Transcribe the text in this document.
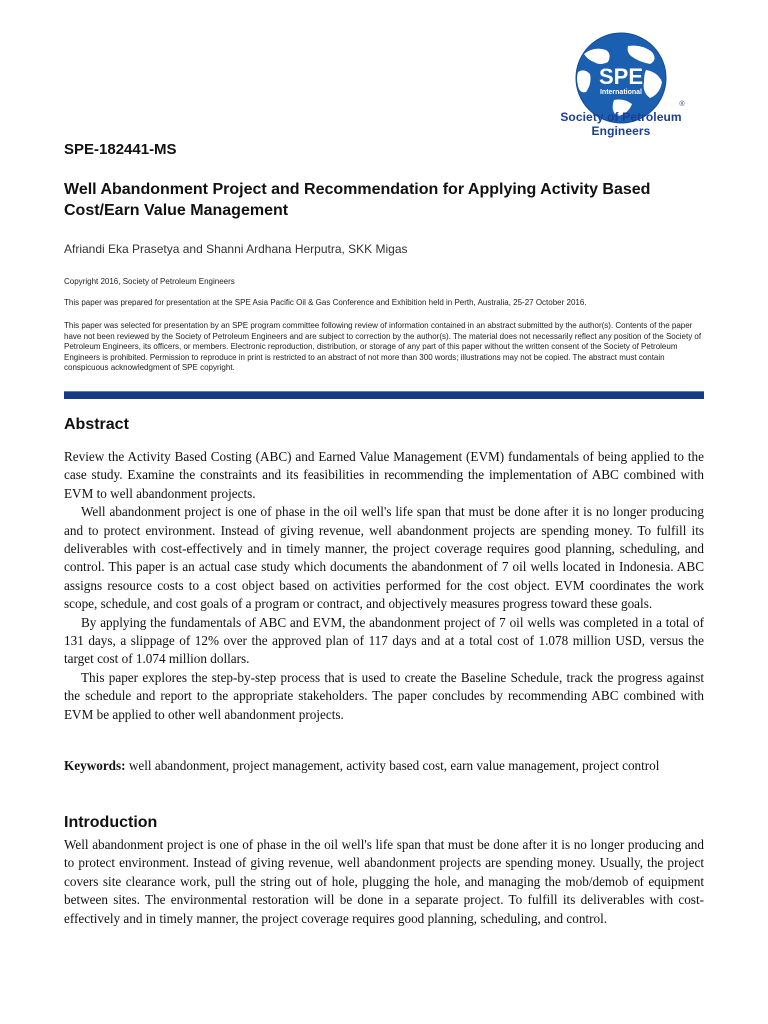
SPE
International
®
Society of Petroleum Engineers
SPE-182441-MS
Well Abandonment Project and Recommendation for Applying Activity Based Cost/Earn Value Management
Afriandi Eka Prasetya and Shanni Ardhana Herputra, SKK Migas
Copyright 2016, Society of Petroleum Engineers
This paper was prepared for presentation at the SPE Asia Pacific Oil & Gas Conference and Exhibition held in Perth, Australia, 25-27 October 2016.
This paper was selected for presentation by an SPE program committee following review of information contained in an abstract submitted by the author(s). Contents of the paper have not been reviewed by the Society of Petroleum Engineers and are subject to correction by the author(s). The material does not necessarily reflect any position of the Society of Petroleum Engineers, its officers, or members. Electronic reproduction, distribution, or storage of any part of this paper without the written consent of the Society of Petroleum Engineers is prohibited. Permission to reproduce in print is restricted to an abstract of not more than 300 words; illustrations may not be copied. The abstract must contain conspicuous acknowledgment of SPE copyright.
Abstract

Review the Activity Based Costing (ABC) and Earned Value Management (EVM) fundamentals of being applied to the case study. Examine the constraints and its feasibilities in recommending the implementation of ABC combined with EVM to well abandonment projects.

Well abandonment project is one of phase in the oil well's life span that must be done after it is no longer producing and to protect environment. Instead of giving revenue, well abandonment projects are spending money. To fulfill its deliverables with cost-effectively and in timely manner, the project coverage requires good planning, scheduling, and control. This paper is an actual case study which documents the abandonment of 7 oil wells located in Indonesia. ABC assigns resource costs to a cost object based on activities performed for the cost object. EVM coordinates the work scope, schedule, and cost goals of a program or contract, and objectively measures progress toward these goals.

By applying the fundamentals of ABC and EVM, the abandonment project of 7 oil wells was completed in a total of 131 days, a slippage of 12% over the approved plan of 117 days and at a total cost of 1.078 million USD, versus the target cost of 1.074 million dollars.

This paper explores the step-by-step process that is used to create the Baseline Schedule, track the progress against the schedule and report to the appropriate stakeholders. The paper concludes by recommending ABC combined with EVM be applied to other well abandonment projects.

Keywords: well abandonment, project management, activity based cost, earn value management, project control
Introduction

Well abandonment project is one of phase in the oil well's life span that must be done after it is no longer producing and to protect environment. Instead of giving revenue, well abandonment projects are spending money. Usually, the project covers site clearance work, pull the string out of hole, plugging the hole, and managing the mob/demob of equipment between sites. The environmental restoration will be done in a separate project. To fulfill its deliverables with cost-effectively and in timely manner, the project coverage requires good planning, scheduling, and control.
